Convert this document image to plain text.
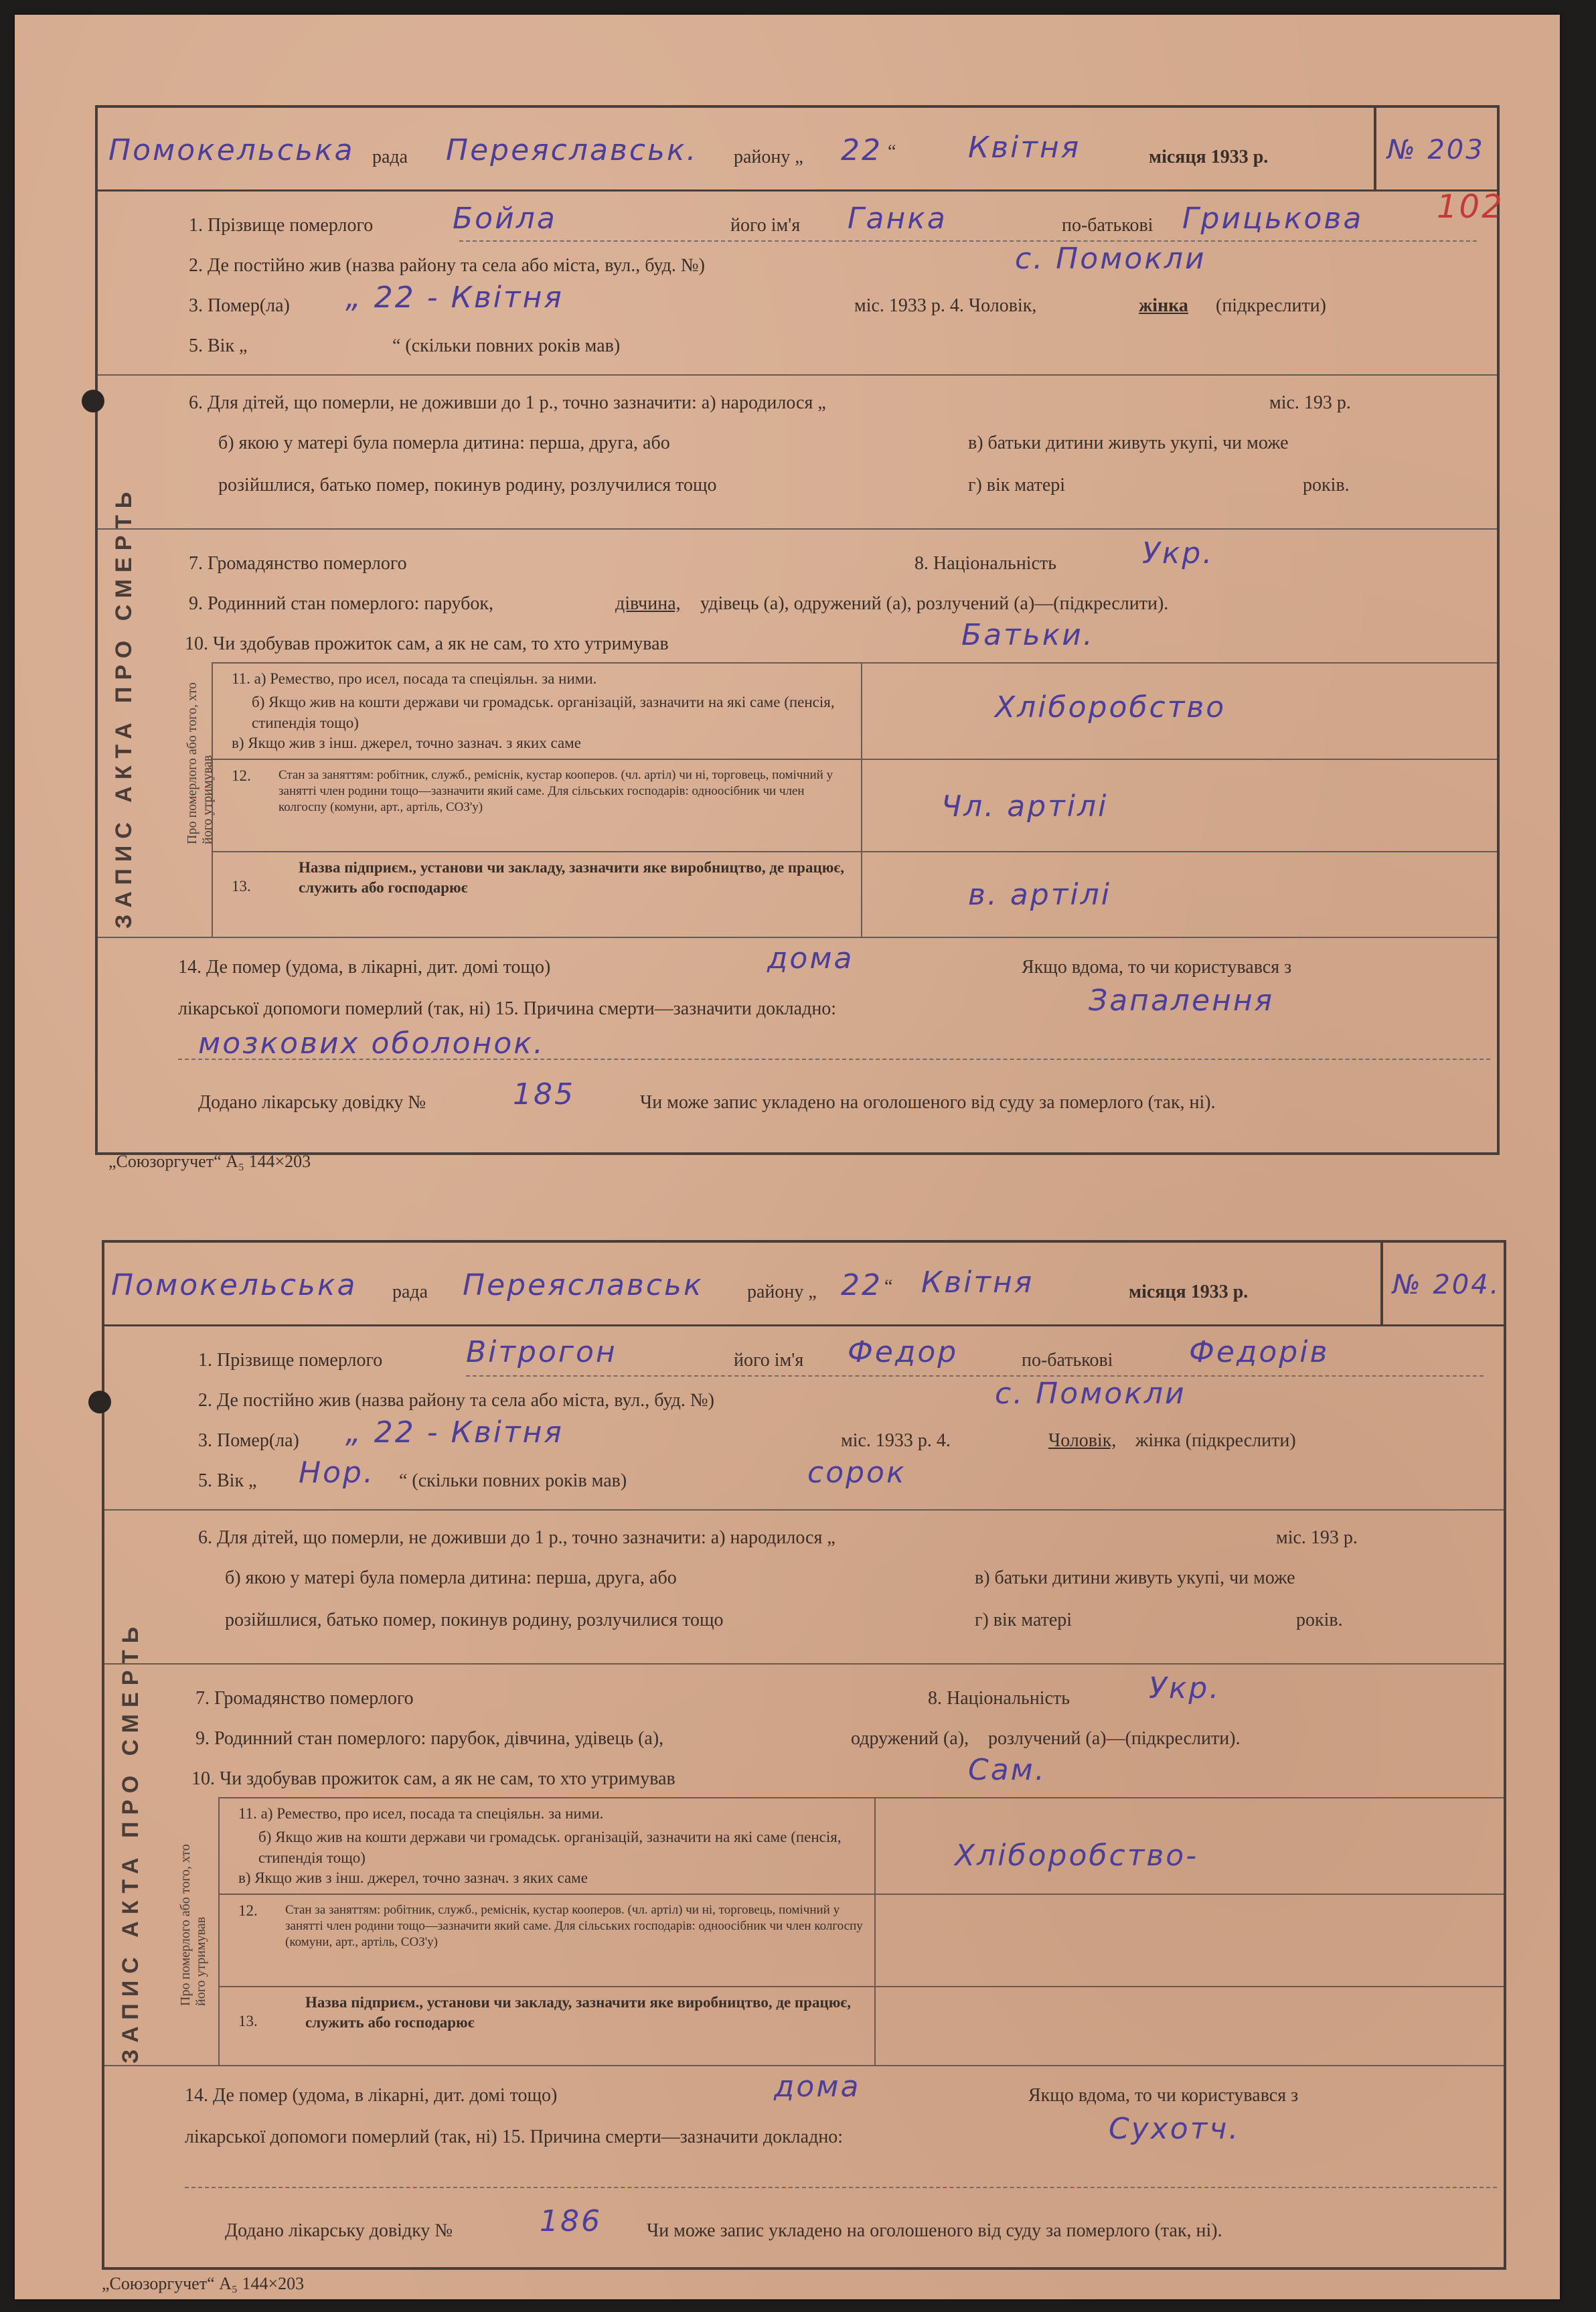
Помокельська рада Переяславськ. району „ 22 “ Квітня	місяця 1933 р.	№ 203
102
ЗАПИС АКТА ПРО СМЕРТЬ	Про померлого або того, хто його утримував
1. Прізвище померлого	Бойла	його ім'я Ганка	по-батькові Грицькова
2. Де постійно жив (назва району та села або міста, вул., буд. №)	с. Помокли
3. Помер(ла) „ 22 - Квітня	міс. 1933 р. 4. Чоловік,	жінка (підкреслити)
5. Вік „	“ (скільки повних років мав)
6. Для дітей, що померли, не доживши до 1 р., точно зазначити: а) народилося „	міс. 193 р.
б) якою у матері була померла дитина: перша, друга, або	в) батьки дитини живуть укупі, чи може
розійшлися, батько помер, покинув родину, розлучилися тощо	г) вік матері	років.
7. Громадянство померлого	8. Національність	Укр.
9. Родинний стан померлого: парубок,	дівчина, удівець (а), одружений (а), розлучений (а)—(підкреслити).
10. Чи здобував прожиток сам, а як не сам, то хто утримував	Батьки.
11. а) Ремество, про исел, посада та спеціяльн. за ними.
б) Якщо жив на кошти держави чи громадськ. організацій, зазначити на які саме (пенсія, стипендія тощо)
в) Якщо жив з інш. джерел, точно зазнач. з яких саме
Хліборобство
12. Стан за заняттям: робітник, служб., реміснік, кустар кооперов. (чл. артіл) чи ні, торговець, помічний у занятті член родини тощо—зазначити який саме. Для сільських господарів: одноосібник чи член колгоспу (комуни, арт., артіль, СОЗ'у)	Чл. артілі
13.
Назва підприєм., установи чи закладу, зазначити яке виробництво, де працює, служить або господарює	в. артілі
14. Де помер (удома, в лікарні, дит. домі тощо)	дома	Якщо вдома, то чи користувався з
лікарської допомоги померлий (так, ні) 15. Причина смерти—зазначити докладно:	Запалення
мозкових оболонок.
Додано лікарську довідку №	185	Чи може запис укладено на оголошеного від суду за померлого (так, ні).
„Союзоргучет“ А₅ 144×203
Помокельська рада Переяславськ району „ 22 “ Квітня	місяця 1933 р.	№ 204.
ЗАПИС АКТА ПРО СМЕРТЬ	Про померлого або того, хто його утримував
1. Прізвище померлого	Вітрогон	його ім'я Федор	по-батькові	Федорів
2. Де постійно жив (назва району та села або міста, вул., буд. №)	с. Помокли
3. Помер(ла) „ 22 - Квітня	міс. 1933 р. 4.	Чоловік, жінка (підкреслити)
5. Вік „ Нор. “ (скільки повних років мав)	сорок
6. Для дітей, що померли, не доживши до 1 р., точно зазначити: а) народилося „	міс. 193 р.
б) якою у матері була померла дитина: перша, друга, або	в) батьки дитини живуть укупі, чи може
розійшлися, батько помер, покинув родину, розлучилися тощо	г) вік матері	років.
7. Громадянство померлого	8. Національність	Укр.
9. Родинний стан померлого: парубок, дівчина, удівець (а),	одружений (а), розлучений (а)—(підкреслити).
10. Чи здобував прожиток сам, а як не сам, то хто утримував	Сам.
11. а) Ремество, про исел, посада та спеціяльн. за ними.
б) Якщо жив на кошти держави чи громадськ. організацій, зазначити на які саме (пенсія, стипендія тощо)
в) Якщо жив з інш. джерел, точно зазнач. з яких саме
Хліборобство-
12. Стан за заняттям: робітник, служб., реміснік, кустар кооперов. (чл. артіл) чи ні, торговець, помічний у занятті член родини тощо—зазначити який саме. Для сільських господарів: одноосібник чи член колгоспу (комуни, арт., артіль, СОЗ'у)
13.
Назва підприєм., установи чи закладу, зазначити яке виробництво, де працює, служить або господарює
14. Де помер (удома, в лікарні, дит. домі тощо)	дома	Якщо вдома, то чи користувався з
лікарської допомоги померлий (так, ні) 15. Причина смерти—зазначити докладно:	Сухотч.
Додано лікарську довідку №	186 Чи може запис укладено на оголошеного від суду за померлого (так, ні).
„Союзоргучет“ А₅ 144×203
